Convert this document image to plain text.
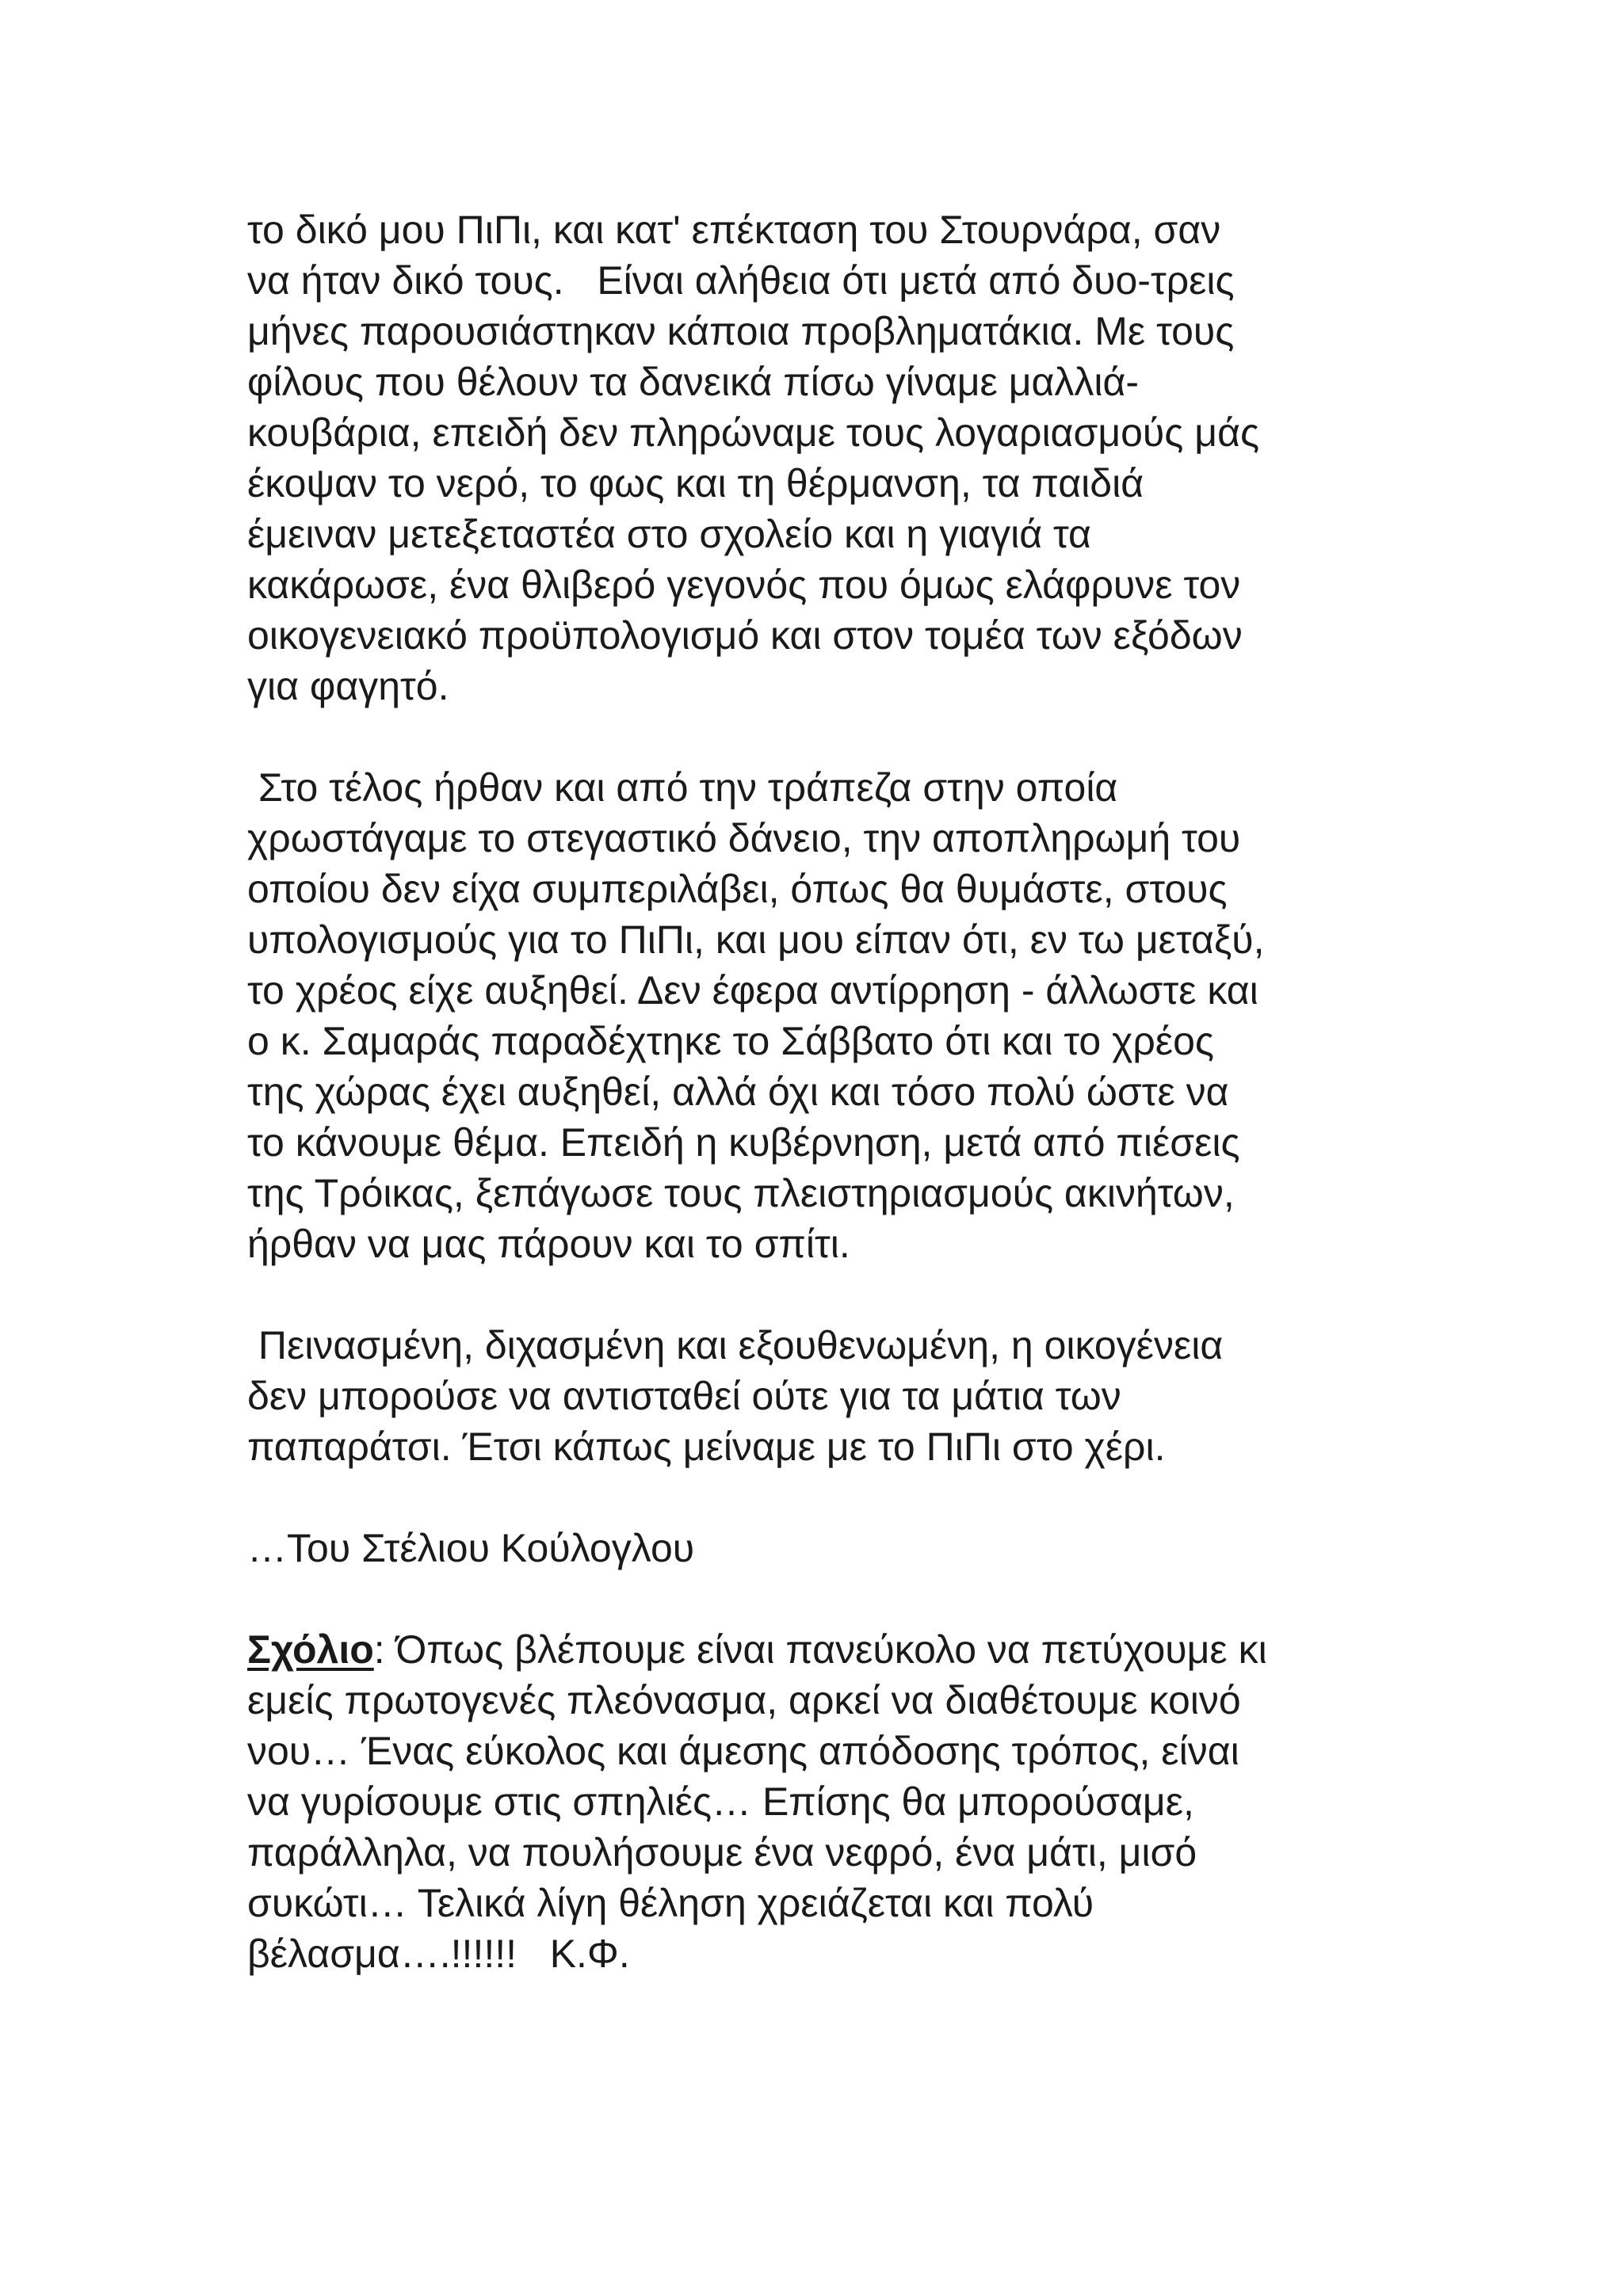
το δικό μου ΠιΠι, και κατ' επέκταση του Στουρνάρα, σαν
να ήταν δικό τους.   Είναι αλήθεια ότι μετά από δυο-τρεις
μήνες παρουσιάστηκαν κάποια προβληματάκια. Με τους
φίλους που θέλουν τα δανεικά πίσω γίναμε μαλλιά-
κουβάρια, επειδή δεν πληρώναμε τους λογαριασμούς μάς
έκοψαν το νερό, το φως και τη θέρμανση, τα παιδιά
έμειναν μετεξεταστέα στο σχολείο και η γιαγιά τα
κακάρωσε, ένα θλιβερό γεγονός που όμως ελάφρυνε τον
οικογενειακό προϋπολογισμό και στον τομέα των εξόδων
για φαγητό.
Στο τέλος ήρθαν και από την τράπεζα στην οποία
χρωστάγαμε το στεγαστικό δάνειο, την αποπληρωμή του
οποίου δεν είχα συμπεριλάβει, όπως θα θυμάστε, στους
υπολογισμούς για το ΠιΠι, και μου είπαν ότι, εν τω μεταξύ,
το χρέος είχε αυξηθεί. Δεν έφερα αντίρρηση - άλλωστε και
ο κ. Σαμαράς παραδέχτηκε το Σάββατο ότι και το χρέος
της χώρας έχει αυξηθεί, αλλά όχι και τόσο πολύ ώστε να
το κάνουμε θέμα. Επειδή η κυβέρνηση, μετά από πιέσεις
της Τρόικας, ξεπάγωσε τους πλειστηριασμούς ακινήτων,
ήρθαν να μας πάρουν και το σπίτι.
Πεινασμένη, διχασμένη και εξουθενωμένη, η οικογένεια
δεν μπορούσε να αντισταθεί ούτε για τα μάτια των
παπαράτσι. Έτσι κάπως μείναμε με το ΠιΠι στο χέρι.
…Του Στέλιου Κούλογλου
Σχόλιο: Όπως βλέπουμε είναι πανεύκολο να πετύχουμε κι
εμείς πρωτογενές πλεόνασμα, αρκεί να διαθέτουμε κοινό
νου… Ένας εύκολος και άμεσης απόδοσης τρόπος, είναι
να γυρίσουμε στις σπηλιές… Επίσης θα μπορούσαμε,
παράλληλα, να πουλήσουμε ένα νεφρό, ένα μάτι, μισό
συκώτι… Τελικά λίγη θέληση χρειάζεται και πολύ
βέλασμα….!!!!!!   Κ.Φ.
